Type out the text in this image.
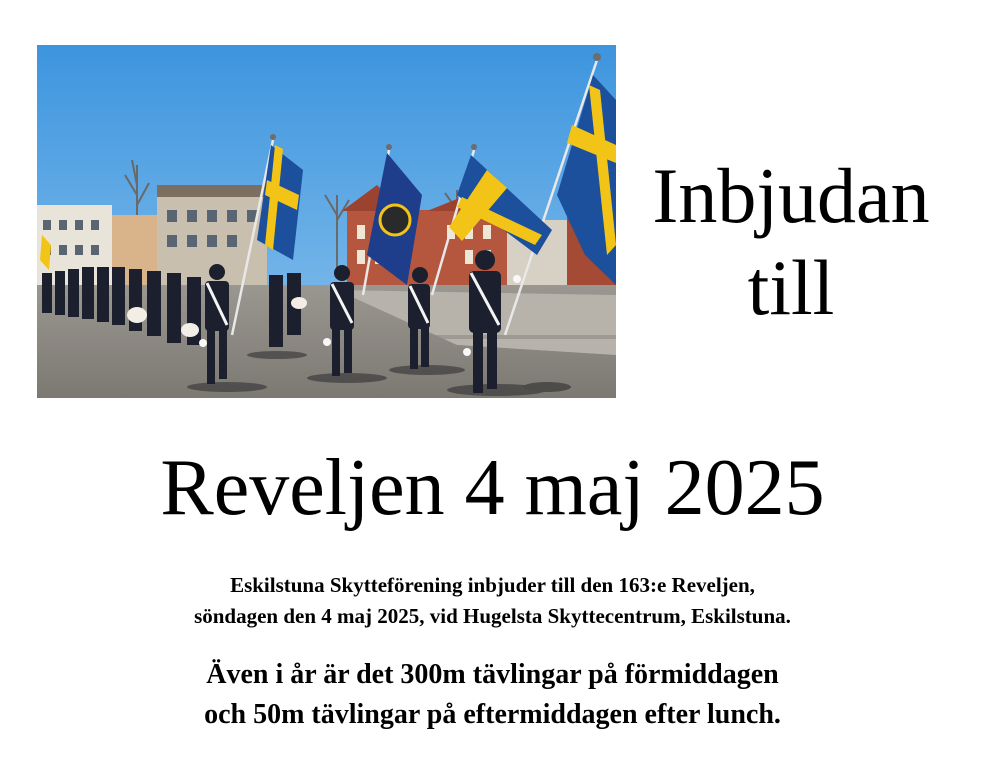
Inbjudan
till
Reveljen 4 maj 2025
Eskilstuna Skytteförening inbjuder till den 163:e Reveljen,
söndagen den 4 maj 2025, vid Hugelsta Skyttecentrum, Eskilstuna.
Även i år är det 300m tävlingar på förmiddagen
och 50m tävlingar på eftermiddagen efter lunch.
